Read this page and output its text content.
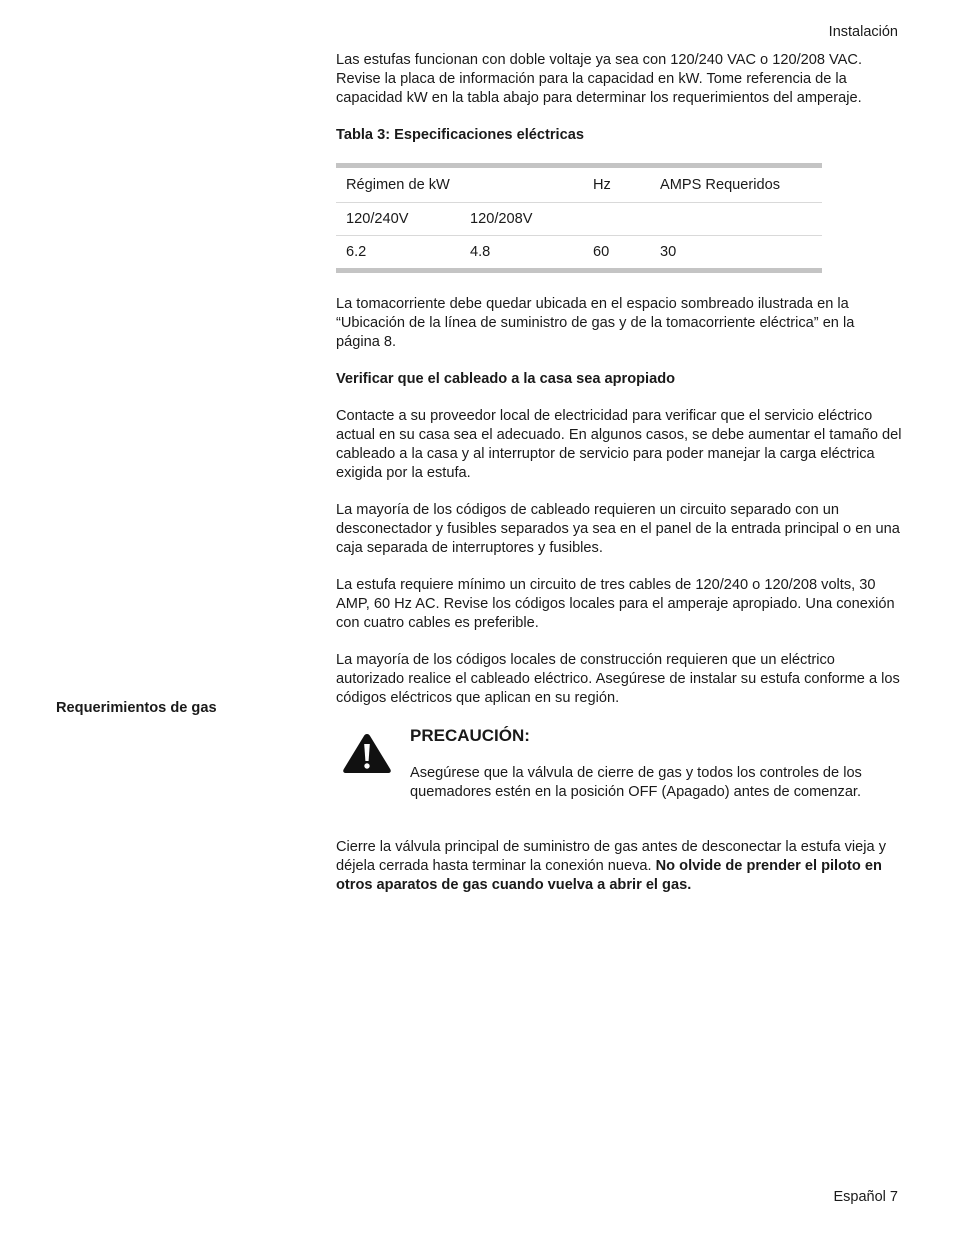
Instalación
Requerimientos de gas

Las estufas funcionan con doble voltaje ya sea con 120/240 VAC o 120/208 VAC. Revise la placa de información para la capacidad en kW. Tome referencia de la capacidad kW en la tabla abajo para determinar los requerimientos del amperaje.

Tabla 3: Especificaciones eléctricas

Régimen de kW		Hz	AMPS Requeridos
120/240V	120/208V		
6.2	4.8	60	30

La tomacorriente debe quedar ubicada en el espacio sombreado ilustrada en la “Ubicación de la línea de suministro de gas y de la tomacorriente eléctrica” en la página 8.

Verificar que el cableado a la casa sea apropiado

Contacte a su proveedor local de electricidad para verificar que el servicio eléctrico actual en su casa sea el adecuado. En algunos casos, se debe aumentar el tamaño del cableado a la casa y al interruptor de servicio para poder manejar la carga eléctrica exigida por la estufa.

La mayoría de los códigos de cableado requieren un circuito separado con un desconectador y fusibles separados ya sea en el panel de la entrada principal o en una caja separada de interruptores y fusibles.

La estufa requiere mínimo un circuito de tres cables de 120/240 o 120/208 volts, 30 AMP, 60 Hz AC. Revise los códigos locales para el amperaje apropiado. Una conexión con cuatro cables es preferible.

La mayoría de los códigos locales de construcción requieren que un eléctrico autorizado realice el cableado eléctrico. Asegúrese de instalar su estufa conforme a los códigos eléctricos que aplican en su región.

PRECAUCIÓN:

Asegúrese que la válvula de cierre de gas y todos los controles de los quemadores estén en la posición OFF (Apagado) antes de comenzar.

Cierre la válvula principal de suministro de gas antes de desconectar la estufa vieja y déjela cerrada hasta terminar la conexión nueva. No olvide de prender el piloto en otros aparatos de gas cuando vuelva a abrir el gas.

Español 7
